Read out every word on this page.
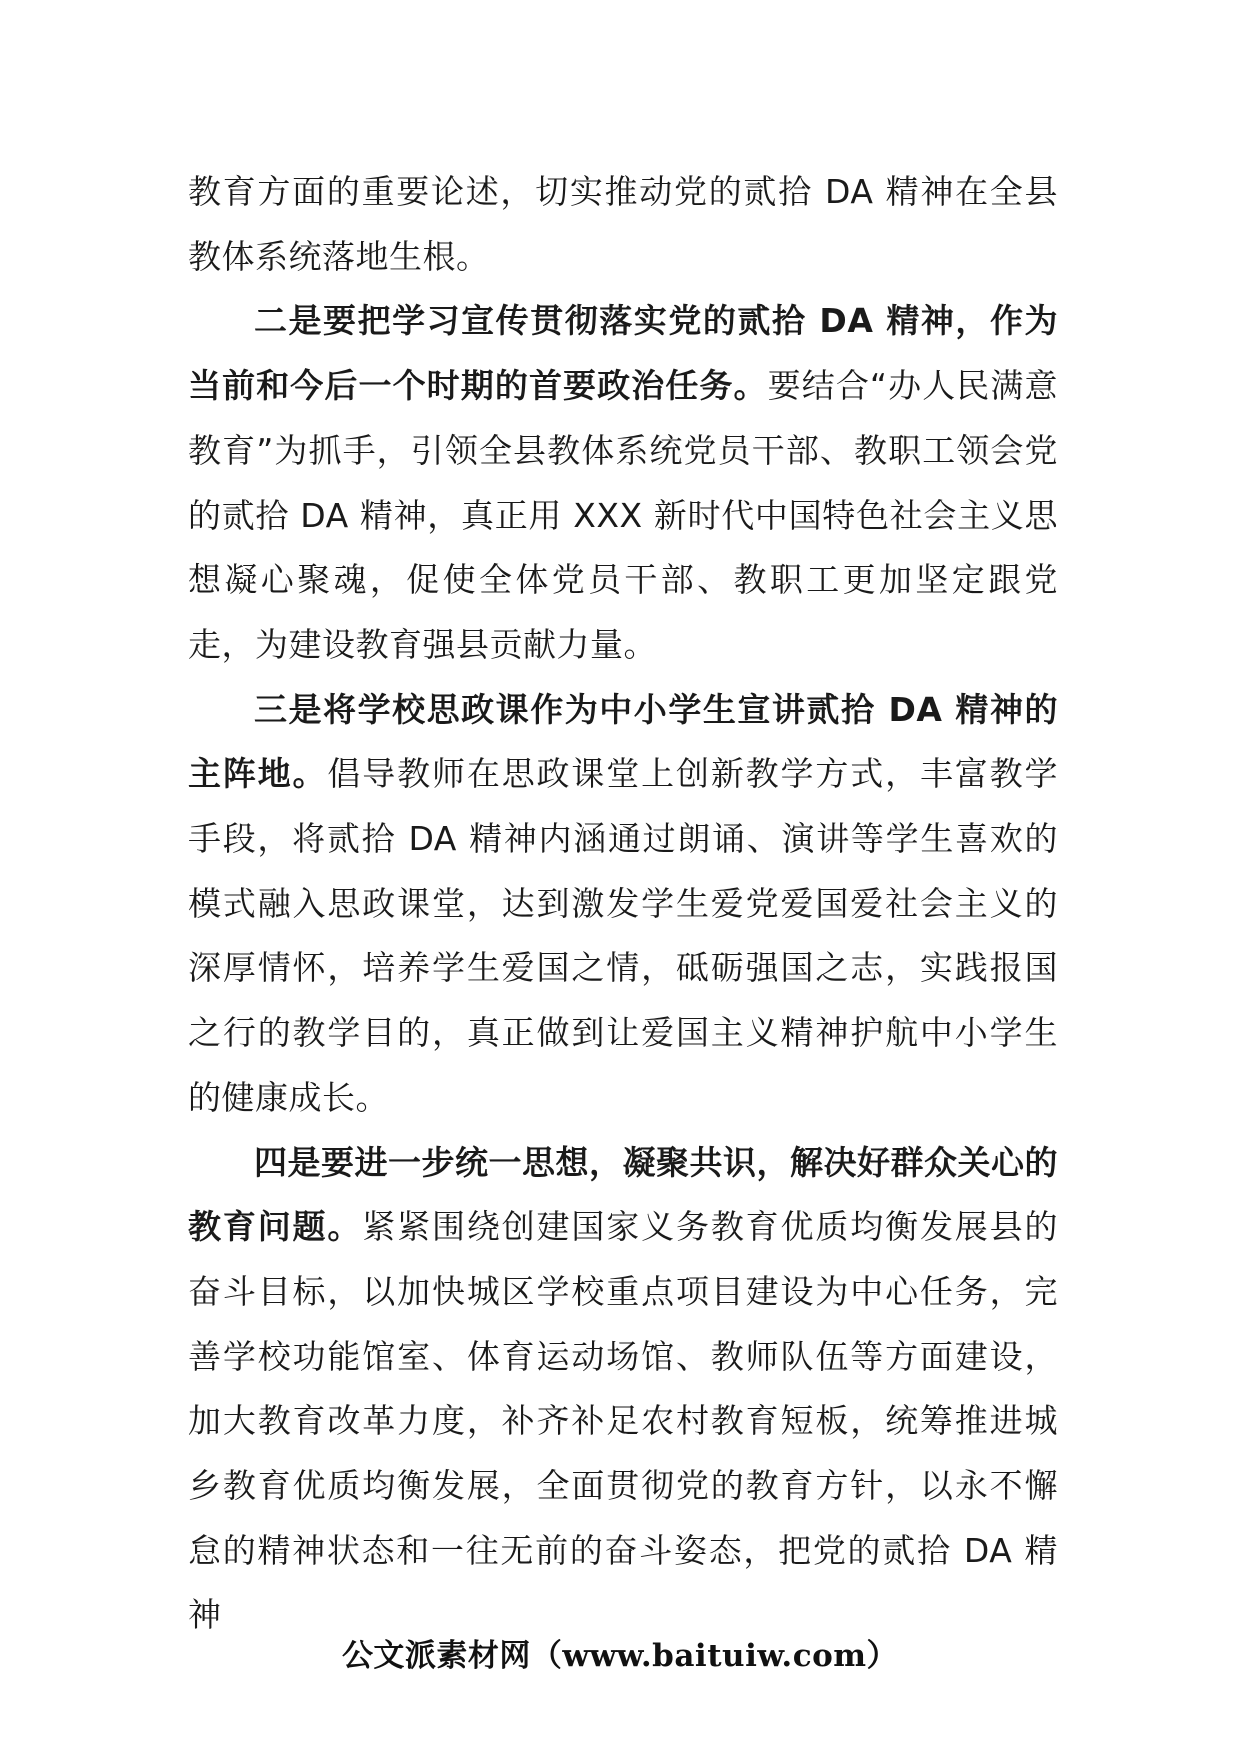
教育方面的重要论述，切实推动党的贰拾 DA 精神在全县教体系统落地生根。

二是要把学习宣传贯彻落实党的贰拾 DA 精神，作为当前和今后一个时期的首要政治任务。要结合“办人民满意教育”为抓手，引领全县教体系统党员干部、教职工领会党的贰拾 DA 精神，真正用 XXX 新时代中国特色社会主义思想凝心聚魂，促使全体党员干部、教职工更加坚定跟党走，为建设教育强县贡献力量。

三是将学校思政课作为中小学生宣讲贰拾 DA 精神的主阵地。倡导教师在思政课堂上创新教学方式，丰富教学手段，将贰拾 DA 精神内涵通过朗诵、演讲等学生喜欢的模式融入思政课堂，达到激发学生爱党爱国爱社会主义的深厚情怀，培养学生爱国之情，砥砺强国之志，实践报国之行的教学目的，真正做到让爱国主义精神护航中小学生的健康成长。

四是要进一步统一思想，凝聚共识，解决好群众关心的教育问题。紧紧围绕创建国家义务教育优质均衡发展县的奋斗目标，以加快城区学校重点项目建设为中心任务，完善学校功能馆室、体育运动场馆、教师队伍等方面建设，加大教育改革力度，补齐补足农村教育短板，统筹推进城乡教育优质均衡发展，全面贯彻党的教育方针，以永不懈怠的精神状态和一往无前的奋斗姿态，把党的贰拾 DA 精神

公文派素材网（www.baituiw.com）
